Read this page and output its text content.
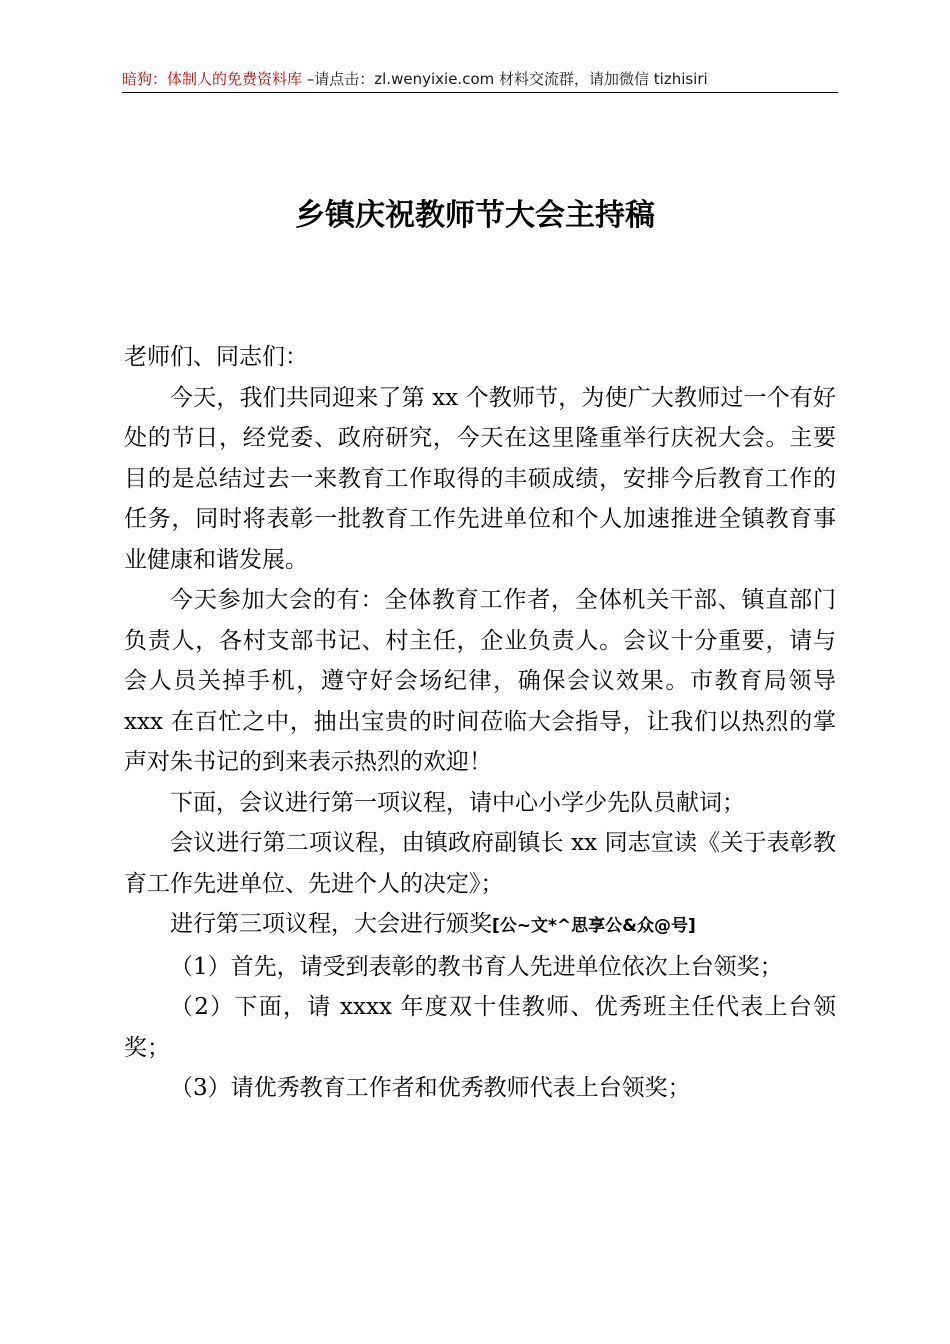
暗狗：体制人的免费资料库 –请点击：zl.wenyixie.com 材料交流群，请加微信 tizhisiri
乡镇庆祝教师节大会主持稿

老师们、同志们：

今天，我们共同迎来了第 xx 个教师节，为使广大教师过一个有好处的节日，经党委、政府研究，今天在这里隆重举行庆祝大会。主要目的是总结过去一来教育工作取得的丰硕成绩，安排今后教育工作的任务，同时将表彰一批教育工作先进单位和个人加速推进全镇教育事业健康和谐发展。

今天参加大会的有：全体教育工作者，全体机关干部、镇直部门负责人，各村支部书记、村主任，企业负责人。会议十分重要，请与会人员关掉手机，遵守好会场纪律，确保会议效果。市教育局领导 xxx 在百忙之中，抽出宝贵的时间莅临大会指导，让我们以热烈的掌声对朱书记的到来表示热烈的欢迎！

下面，会议进行第一项议程，请中心小学少先队员献词；

会议进行第二项议程，由镇政府副镇长 xx 同志宣读《关于表彰教育工作先进单位、先进个人的决定》；

进行第三项议程，大会进行颁奖[公~文*^思享公&众@号]

（1）首先，请受到表彰的教书育人先进单位依次上台领奖；

（2）下面，请 xxxx 年度双十佳教师、优秀班主任代表上台领奖；

（3）请优秀教育工作者和优秀教师代表上台领奖；
